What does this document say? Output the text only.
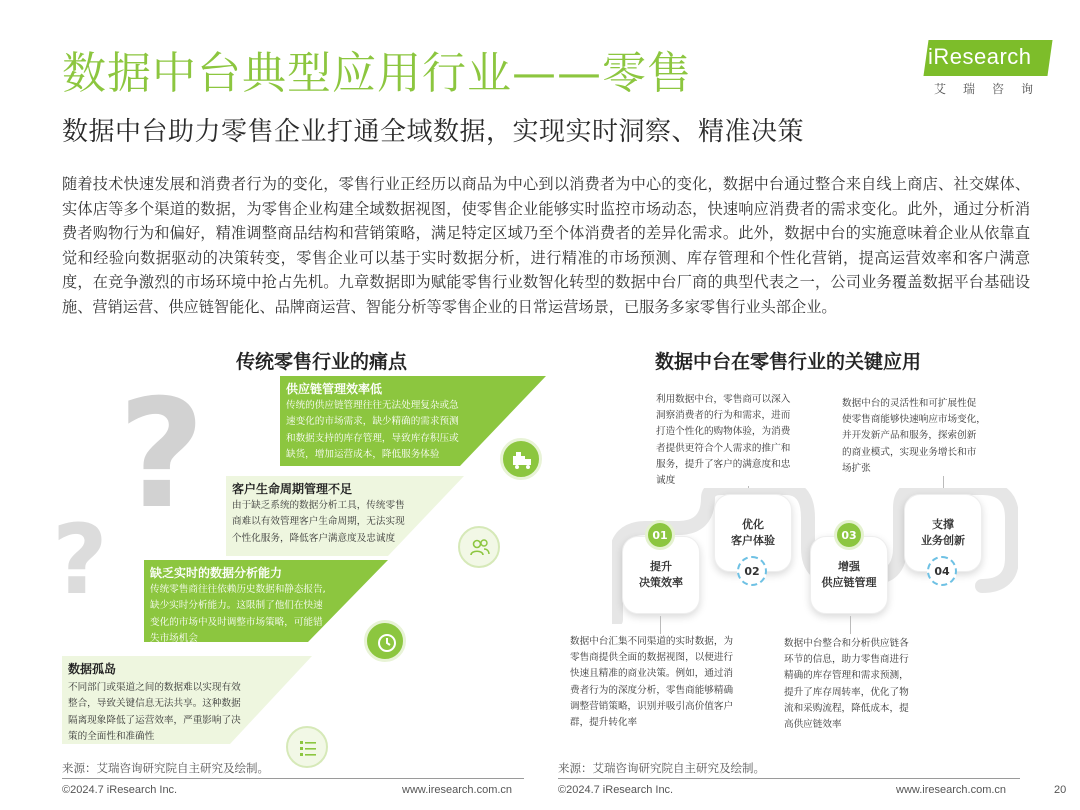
数据中台典型应用行业——零售
数据中台助力零售企业打通全域数据，实现实时洞察、精准决策
iResearch
艾瑞咨询
随着技术快速发展和消费者行为的变化，零售行业正经历以商品为中心到以消费者为中心的变化，数据中台通过整合来自线上商店、社交媒体、实体店等多个渠道的数据，为零售企业构建全域数据视图，使零售企业能够实时监控市场动态，快速响应消费者的需求变化。此外，通过分析消费者购物行为和偏好，精准调整商品结构和营销策略，满足特定区域乃至个体消费者的差异化需求。此外，数据中台的实施意味着企业从依靠直觉和经验向数据驱动的决策转变，零售企业可以基于实时数据分析，进行精准的市场预测、库存管理和个性化营销，提高运营效率和客户满意度，在竞争激烈的市场环境中抢占先机。九章数据即为赋能零售行业数智化转型的数据中台厂商的典型代表之一，公司业务覆盖数据平台基础设施、营销运营、供应链智能化、品牌商运营、智能分析等零售企业的日常运营场景，已服务多家零售行业头部企业。
传统零售行业的痛点
?
?
供应链管理效率低
传统的供应链管理往往无法处理复杂或急
速变化的市场需求，缺少精确的需求预测
和数据支持的库存管理，导致库存积压或
缺货，增加运营成本，降低服务体验
客户生命周期管理不足
由于缺乏系统的数据分析工具，传统零售
商难以有效管理客户生命周期，无法实现
个性化服务，降低客户满意度及忠诚度
缺乏实时的数据分析能力
传统零售商往往依赖历史数据和静态报告,
缺少实时分析能力。这限制了他们在快速
变化的市场中及时调整市场策略，可能错
失市场机会
数据孤岛
不同部门或渠道之间的数据难以实现有效
整合，导致关键信息无法共享。这种数据
隔离现象降低了运营效率，严重影响了决
策的全面性和准确性
数据中台在零售行业的关键应用
利用数据中台，零售商可以深入
洞察消费者的行为和需求，进而
打造个性化的购物体验，为消费
者提供更符合个人需求的推广和
服务，提升了客户的满意度和忠
诚度
数据中台的灵活性和可扩展性促
使零售商能够快速响应市场变化，
并开发新产品和服务，探索创新
的商业模式，实现业务增长和市
场扩张
提升
决策效率
01
优化
客户体验
02	增强
供应链管理
03
支撑
业务创新
04
数据中台汇集不同渠道的实时数据，为
零售商提供全面的数据视图，以便进行
快速且精准的商业决策。例如，通过消
费者行为的深度分析，零售商能够精确
调整营销策略，识别并吸引高价值客户
群，提升转化率
数据中台整合和分析供应链各
环节的信息，助力零售商进行
精确的库存管理和需求预测，
提升了库存周转率，优化了物
流和采购流程，降低成本，提
高供应链效率
来源：艾瑞咨询研究院自主研究及绘制。	来源：艾瑞咨询研究院自主研究及绘制。
©2024.7 iResearch Inc.	www.iresearch.com.cn	©2024.7 iResearch Inc.	www.iresearch.com.cn	20
